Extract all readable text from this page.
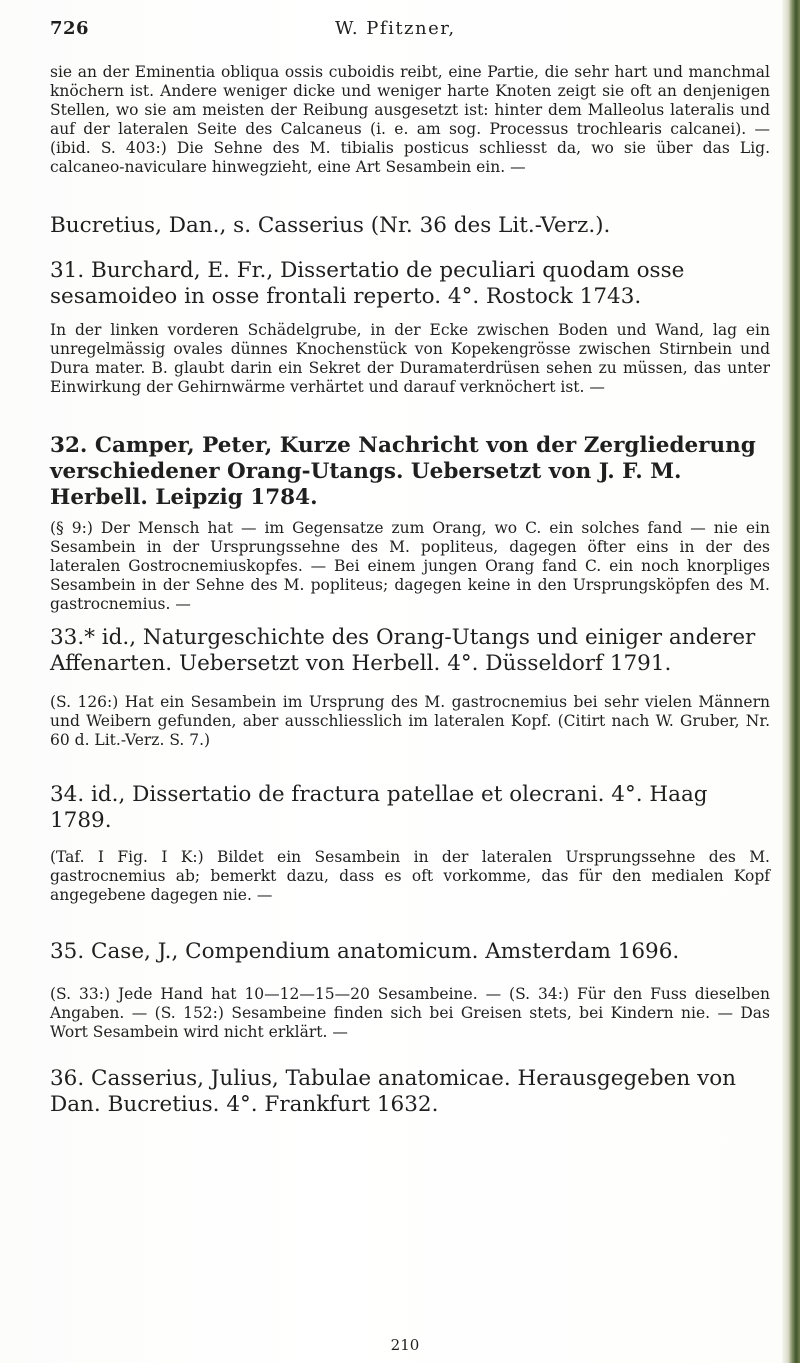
726	W. Pfitzner,

sie an der Eminentia obliqua ossis cuboidis reibt, eine Partie, die sehr hart und manchmal knöchern ist. Andere weniger dicke und weniger harte Knoten zeigt sie oft an denjenigen Stellen, wo sie am meisten der Reibung ausgesetzt ist: hinter dem Malleolus lateralis und auf der lateralen Seite des Calcaneus (i. e. am sog. Processus trochlearis calcanei). — (ibid. S. 403:) Die Sehne des M. tibialis posticus schliesst da, wo sie über das Lig. calcaneo-naviculare hinwegzieht, eine Art Sesambein ein. —

Bucretius, Dan., s. Casserius (Nr. 36 des Lit.-Verz.).

31. Burchard, E. Fr., Dissertatio de peculiari quodam osse sesamoideo in osse frontali reperto. 4°. Rostock 1743.

In der linken vorderen Schädelgrube, in der Ecke zwischen Boden und Wand, lag ein unregelmässig ovales dünnes Knochenstück von Kopekengrösse zwischen Stirnbein und Dura mater. B. glaubt darin ein Sekret der Duramaterdrüsen sehen zu müssen, das unter Einwirkung der Gehirnwärme verhärtet und darauf verknöchert ist. —

32. Camper, Peter, Kurze Nachricht von der Zergliederung verschiedener Orang-Utangs. Uebersetzt von J. F. M. Herbell. Leipzig 1784.

(§ 9:) Der Mensch hat — im Gegensatze zum Orang, wo C. ein solches fand — nie ein Sesambein in der Ursprungssehne des M. popliteus, dagegen öfter eins in der des lateralen Gostrocnemiuskopfes. — Bei einem jungen Orang fand C. ein noch knorpliges Sesambein in der Sehne des M. popliteus; dagegen keine in den Ursprungsköpfen des M. gastrocnemius. —

33.* id., Naturgeschichte des Orang-Utangs und einiger anderer Affenarten. Uebersetzt von Herbell. 4°. Düsseldorf 1791.

(S. 126:) Hat ein Sesambein im Ursprung des M. gastrocnemius bei sehr vielen Männern und Weibern gefunden, aber ausschliesslich im lateralen Kopf. (Citirt nach W. Gruber, Nr. 60 d. Lit.-Verz. S. 7.)

34. id., Dissertatio de fractura patellae et olecrani. 4°. Haag 1789.

(Taf. I Fig. I K:) Bildet ein Sesambein in der lateralen Ursprungssehne des M. gastrocnemius ab; bemerkt dazu, dass es oft vorkomme, das für den medialen Kopf angegebene dagegen nie. —

35. Case, J., Compendium anatomicum. Amsterdam 1696.

(S. 33:) Jede Hand hat 10—12—15—20 Sesambeine. — (S. 34:) Für den Fuss dieselben Angaben. — (S. 152:) Sesambeine finden sich bei Greisen stets, bei Kindern nie. — Das Wort Sesambein wird nicht erklärt. —

36. Casserius, Julius, Tabulae anatomicae. Herausgegeben von Dan. Bucretius. 4°. Frankfurt 1632.

210
